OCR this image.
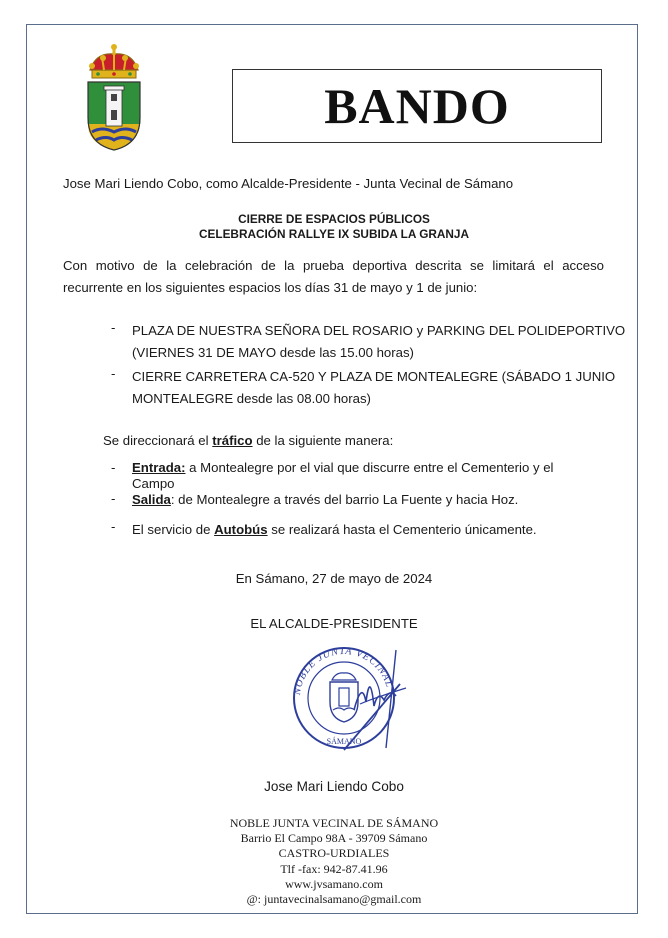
BANDO
Jose Mari Liendo Cobo, como Alcalde-Presidente - Junta Vecinal de Sámano
CIERRE DE ESPACIOS PÚBLICOS
CELEBRACIÓN RALLYE IX SUBIDA LA GRANJA
Con motivo de la celebración de la prueba deportiva descrita se limitará el acceso recurrente en los siguientes espacios los días 31 de mayo y 1 de junio:
- PLAZA DE NUESTRA SEÑORA DEL ROSARIO y PARKING DEL POLIDEPORTIVO
(VIERNES 31 DE MAYO desde las 15.00 horas)
- CIERRE CARRETERA CA-520 Y PLAZA DE MONTEALEGRE (SÁBADO 1 JUNIO
MONTEALEGRE desde las 08.00 horas)
Se direccionará el tráfico de la siguiente manera:
- Entrada: a Montealegre por el vial que discurre entre el Cementerio y el
Campo
- Salida: de Montealegre a través del barrio La Fuente y hacia Hoz.
- El servicio de Autobús se realizará hasta el Cementerio únicamente.
En Sámano, 27 de mayo de 2024
EL ALCALDE-PRESIDENTE
NOBLE JUNTA VECINAL
SÁMANO
Jose Mari Liendo Cobo
NOBLE JUNTA VECINAL DE SÁMANO
Barrio El Campo 98A - 39709 Sámano
CASTRO-URDIALES
Tlf -fax: 942-87.41.96
www.jvsamano.com
@: juntavecinalsamano@gmail.com
